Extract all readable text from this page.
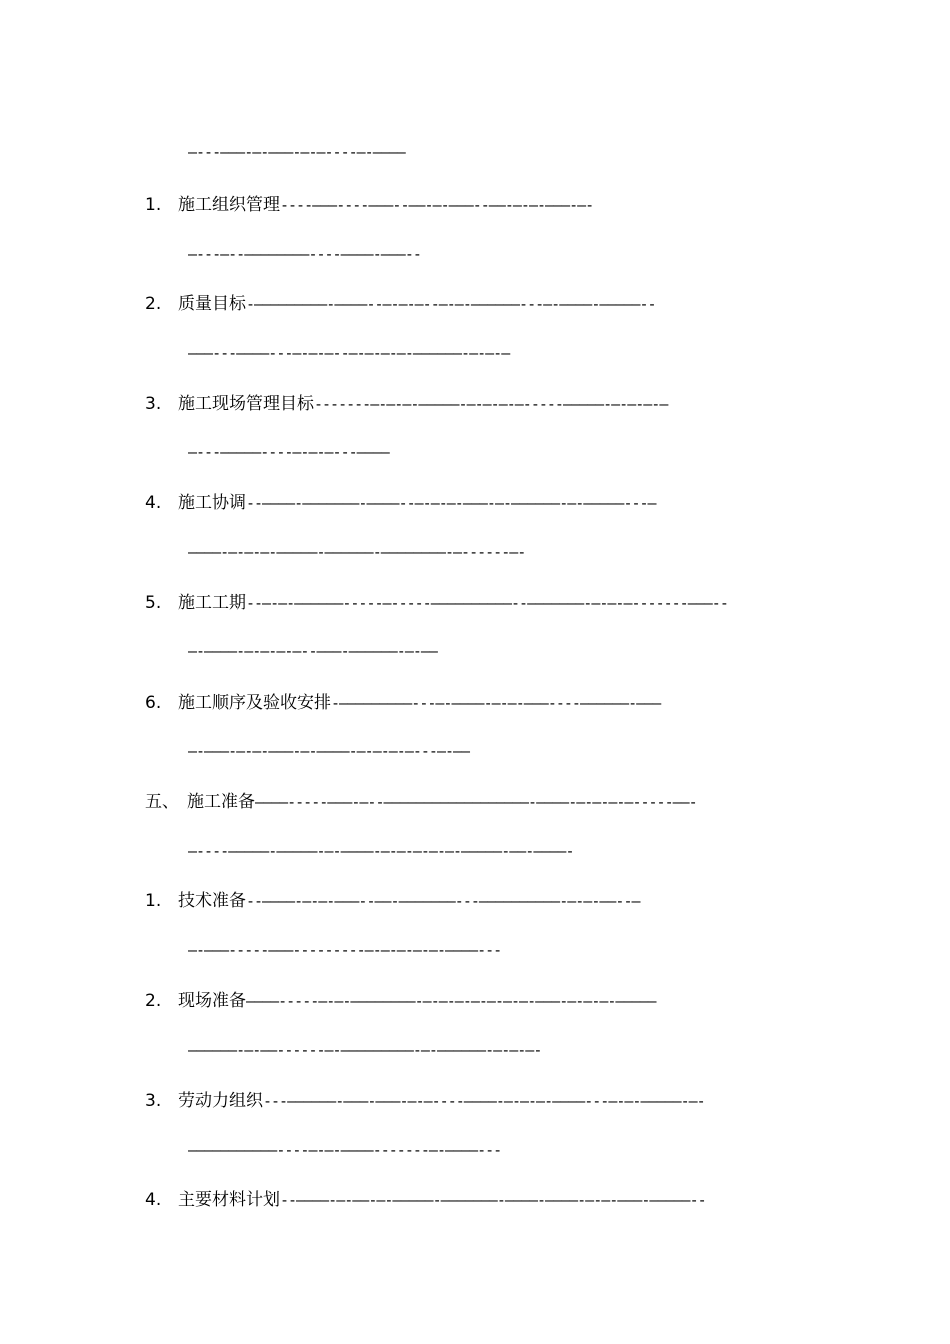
—---———-—-———-—-—----—-————
1. 施工组织管理----———----———--——-—-———--——-—-—-———-—-
—---—--————————----————-———--
2. 质量目标-—————————-————--—-—-—--—-—-——————---—-————-—————--
———---————---—-—-—--—-—-—-—-——————-—-—-—
3. 施工现场管理目标-------—-—-—-—————-—-—-—-—-----—————-—-—-—-—
—---—————----—-—-—---————
4. 施工协调--————-———————-————--—-—-—-———-—-——————-—-—————---—
————-—-—-—-—————-——————-————————-—------—-
5. 施工工期--—-—-——————-----—-----——————————--———————-—-—-—-------———--
—-————-—-—-—-—--———-——————-—-——
6. 施工顺序及验收安排-—————————---—-————-—-—-———----——————-———
—-———-—-—-———-—-————-—-—-—-—---—-——
五、 施工准备————-----———-—--——————————————————-————-—-—-—-—-----——-
—----—————-—————-—-————-—-—-—-—-—-—————-——-————-
1. 技术准备--————-—-—-———--——-———————---——————————-—-—-——--—
—-———-----———---------—-—-—-—-—-————---
2. 现场准备————-----—-—-————————-—-—-—-—-—-—-—-———-—-—-—-—————
——————-—-——------—-—————————-—-——————-—-—-—-
3. 劳动力组织---——————-———-———-—-—----————-—-—-—-————---—-—-—————-—-
———————————----—-—-————-------—-————---
4. 主要材料计划--————-—-——-—-—————-———————-————-————-—-—-———-—————--
